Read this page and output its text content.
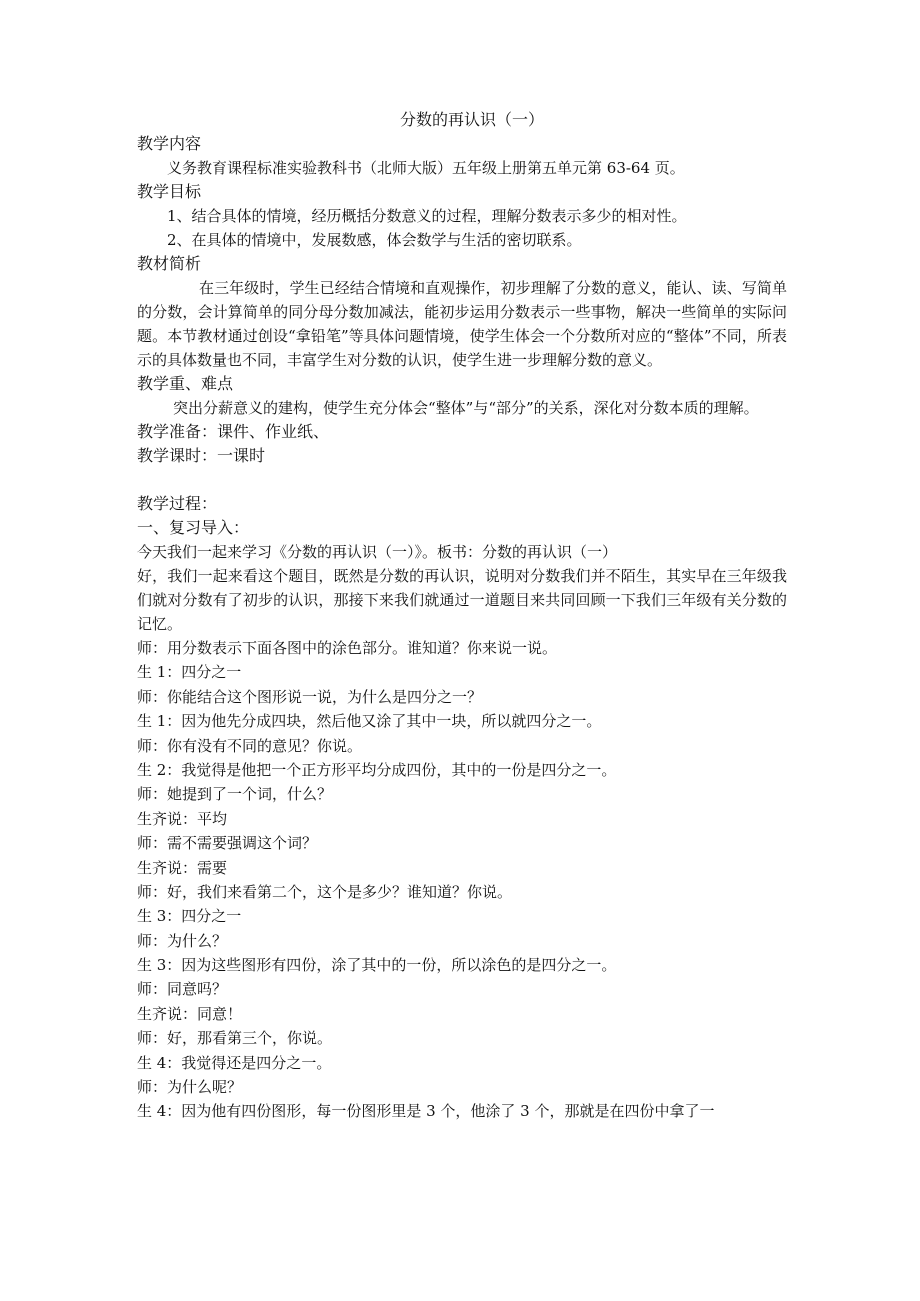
分数的再认识（一）

教学内容

义务教育课程标准实验教科书（北师大版）五年级上册第五单元第 63-64 页。

教学目标

1、结合具体的情境，经历概括分数意义的过程，理解分数表示多少的相对性。

2、在具体的情境中，发展数感，体会数学与生活的密切联系。

教材简析

在三年级时，学生已经结合情境和直观操作，初步理解了分数的意义，能认、读、写简单的分数，会计算简单的同分母分数加减法，能初步运用分数表示一些事物，解决一些简单的实际问题。本节教材通过创设“拿铅笔”等具体问题情境，使学生体会一个分数所对应的“整体”不同，所表示的具体数量也不同，丰富学生对分数的认识，使学生进一步理解分数的意义。

教学重、难点

突出分薪意义的建构，使学生充分体会“整体”与“部分”的关系，深化对分数本质的理解。

教学准备：课件、作业纸、

教学课时：一课时

教学过程：

一、复习导入：

今天我们一起来学习《分数的再认识（一）》。板书：分数的再认识（一）

好，我们一起来看这个题目，既然是分数的再认识，说明对分数我们并不陌生，其实早在三年级我们就对分数有了初步的认识，那接下来我们就通过一道题目来共同回顾一下我们三年级有关分数的记忆。

师：用分数表示下面各图中的涂色部分。谁知道？你来说一说。

生 1：四分之一

师：你能结合这个图形说一说，为什么是四分之一？

生 1：因为他先分成四块，然后他又涂了其中一块，所以就四分之一。

师：你有没有不同的意见？你说。

生 2：我觉得是他把一个正方形平均分成四份，其中的一份是四分之一。

师：她提到了一个词，什么？

生齐说：平均

师：需不需要强调这个词？

生齐说：需要

师：好，我们来看第二个，这个是多少？谁知道？你说。

生 3：四分之一

师：为什么？

生 3：因为这些图形有四份，涂了其中的一份，所以涂色的是四分之一。

师：同意吗？

生齐说：同意！

师：好，那看第三个，你说。

生 4：我觉得还是四分之一。

师：为什么呢？

生 4：因为他有四份图形，每一份图形里是 3 个，他涂了 3 个，那就是在四份中拿了一
